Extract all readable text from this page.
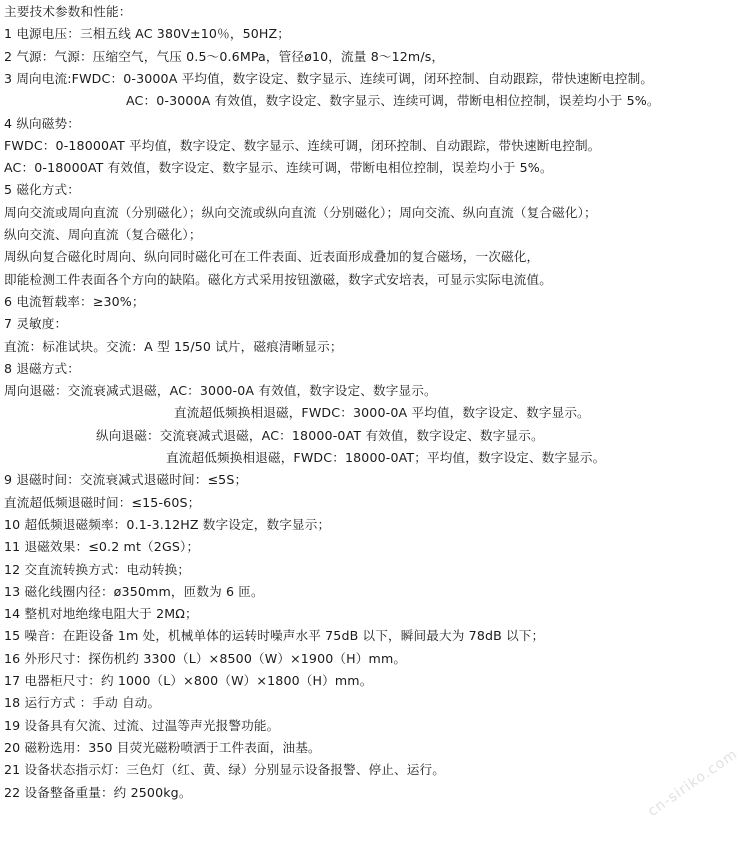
主要技术参数和性能：
1 电源电压：三相五线 AC 380V±10％，50HZ；
2 气源：气源：压缩空气，气压 0.5～0.6MPa，管径ø10，流量 8～12m/s，
3 周向电流:FWDC：0-3000A 平均值，数字设定、数字显示、连续可调，闭环控制、自动跟踪，带快速断电控制。
AC：0-3000A 有效值，数字设定、数字显示、连续可调，带断电相位控制，误差均小于 5%。
4 纵向磁势：
FWDC：0-18000AT 平均值，数字设定、数字显示、连续可调，闭环控制、自动跟踪，带快速断电控制。
AC：0-18000AT 有效值，数字设定、数字显示、连续可调，带断电相位控制，误差均小于 5%。
5 磁化方式：
周向交流或周向直流（分别磁化）；纵向交流或纵向直流（分别磁化）；周向交流、纵向直流（复合磁化）；
纵向交流、周向直流（复合磁化）；
周纵向复合磁化时周向、纵向同时磁化可在工件表面、近表面形成叠加的复合磁场，一次磁化，
即能检测工件表面各个方向的缺陷。磁化方式采用按钮激磁，数字式安培表，可显示实际电流值。
6 电流暂载率：≥30%；
7 灵敏度：
直流：标准试块。交流：A 型 15/50 试片，磁痕清晰显示；
8 退磁方式：
周向退磁：交流衰减式退磁，AC：3000-0A 有效值，数字设定、数字显示。
直流超低频换相退磁，FWDC：3000-0A 平均值，数字设定、数字显示。
纵向退磁：交流衰减式退磁，AC：18000-0AT 有效值，数字设定、数字显示。
直流超低频换相退磁，FWDC：18000-0AT；平均值，数字设定、数字显示。
9 退磁时间：交流衰减式退磁时间：≤5S；
直流超低频退磁时间：≤15-60S；
10 超低频退磁频率：0.1-3.12HZ 数字设定，数字显示；
11 退磁效果：≤0.2 mt（2GS）；
12 交直流转换方式：电动转换；
13 磁化线圈内径：ø350mm，匝数为 6 匝。
14 整机对地绝缘电阻大于 2MΩ；
15 噪音：在距设备 1m 处，机械单体的运转时噪声水平 75dB 以下，瞬间最大为 78dB 以下；
16 外形尺寸：探伤机约 3300（L）×8500（W）×1900（H）mm。
17 电器柜尺寸：约 1000（L）×800（W）×1800（H）mm。
18 运行方式 ：手动 自动。
19 设备具有欠流、过流、过温等声光报警功能。
20 磁粉选用：350 目荧光磁粉喷洒于工件表面，油基。
21 设备状态指示灯：三色灯（红、黄、绿）分别显示设备报警、停止、运行。
22 设备整备重量：约 2500kg。	cn-siriko.com
